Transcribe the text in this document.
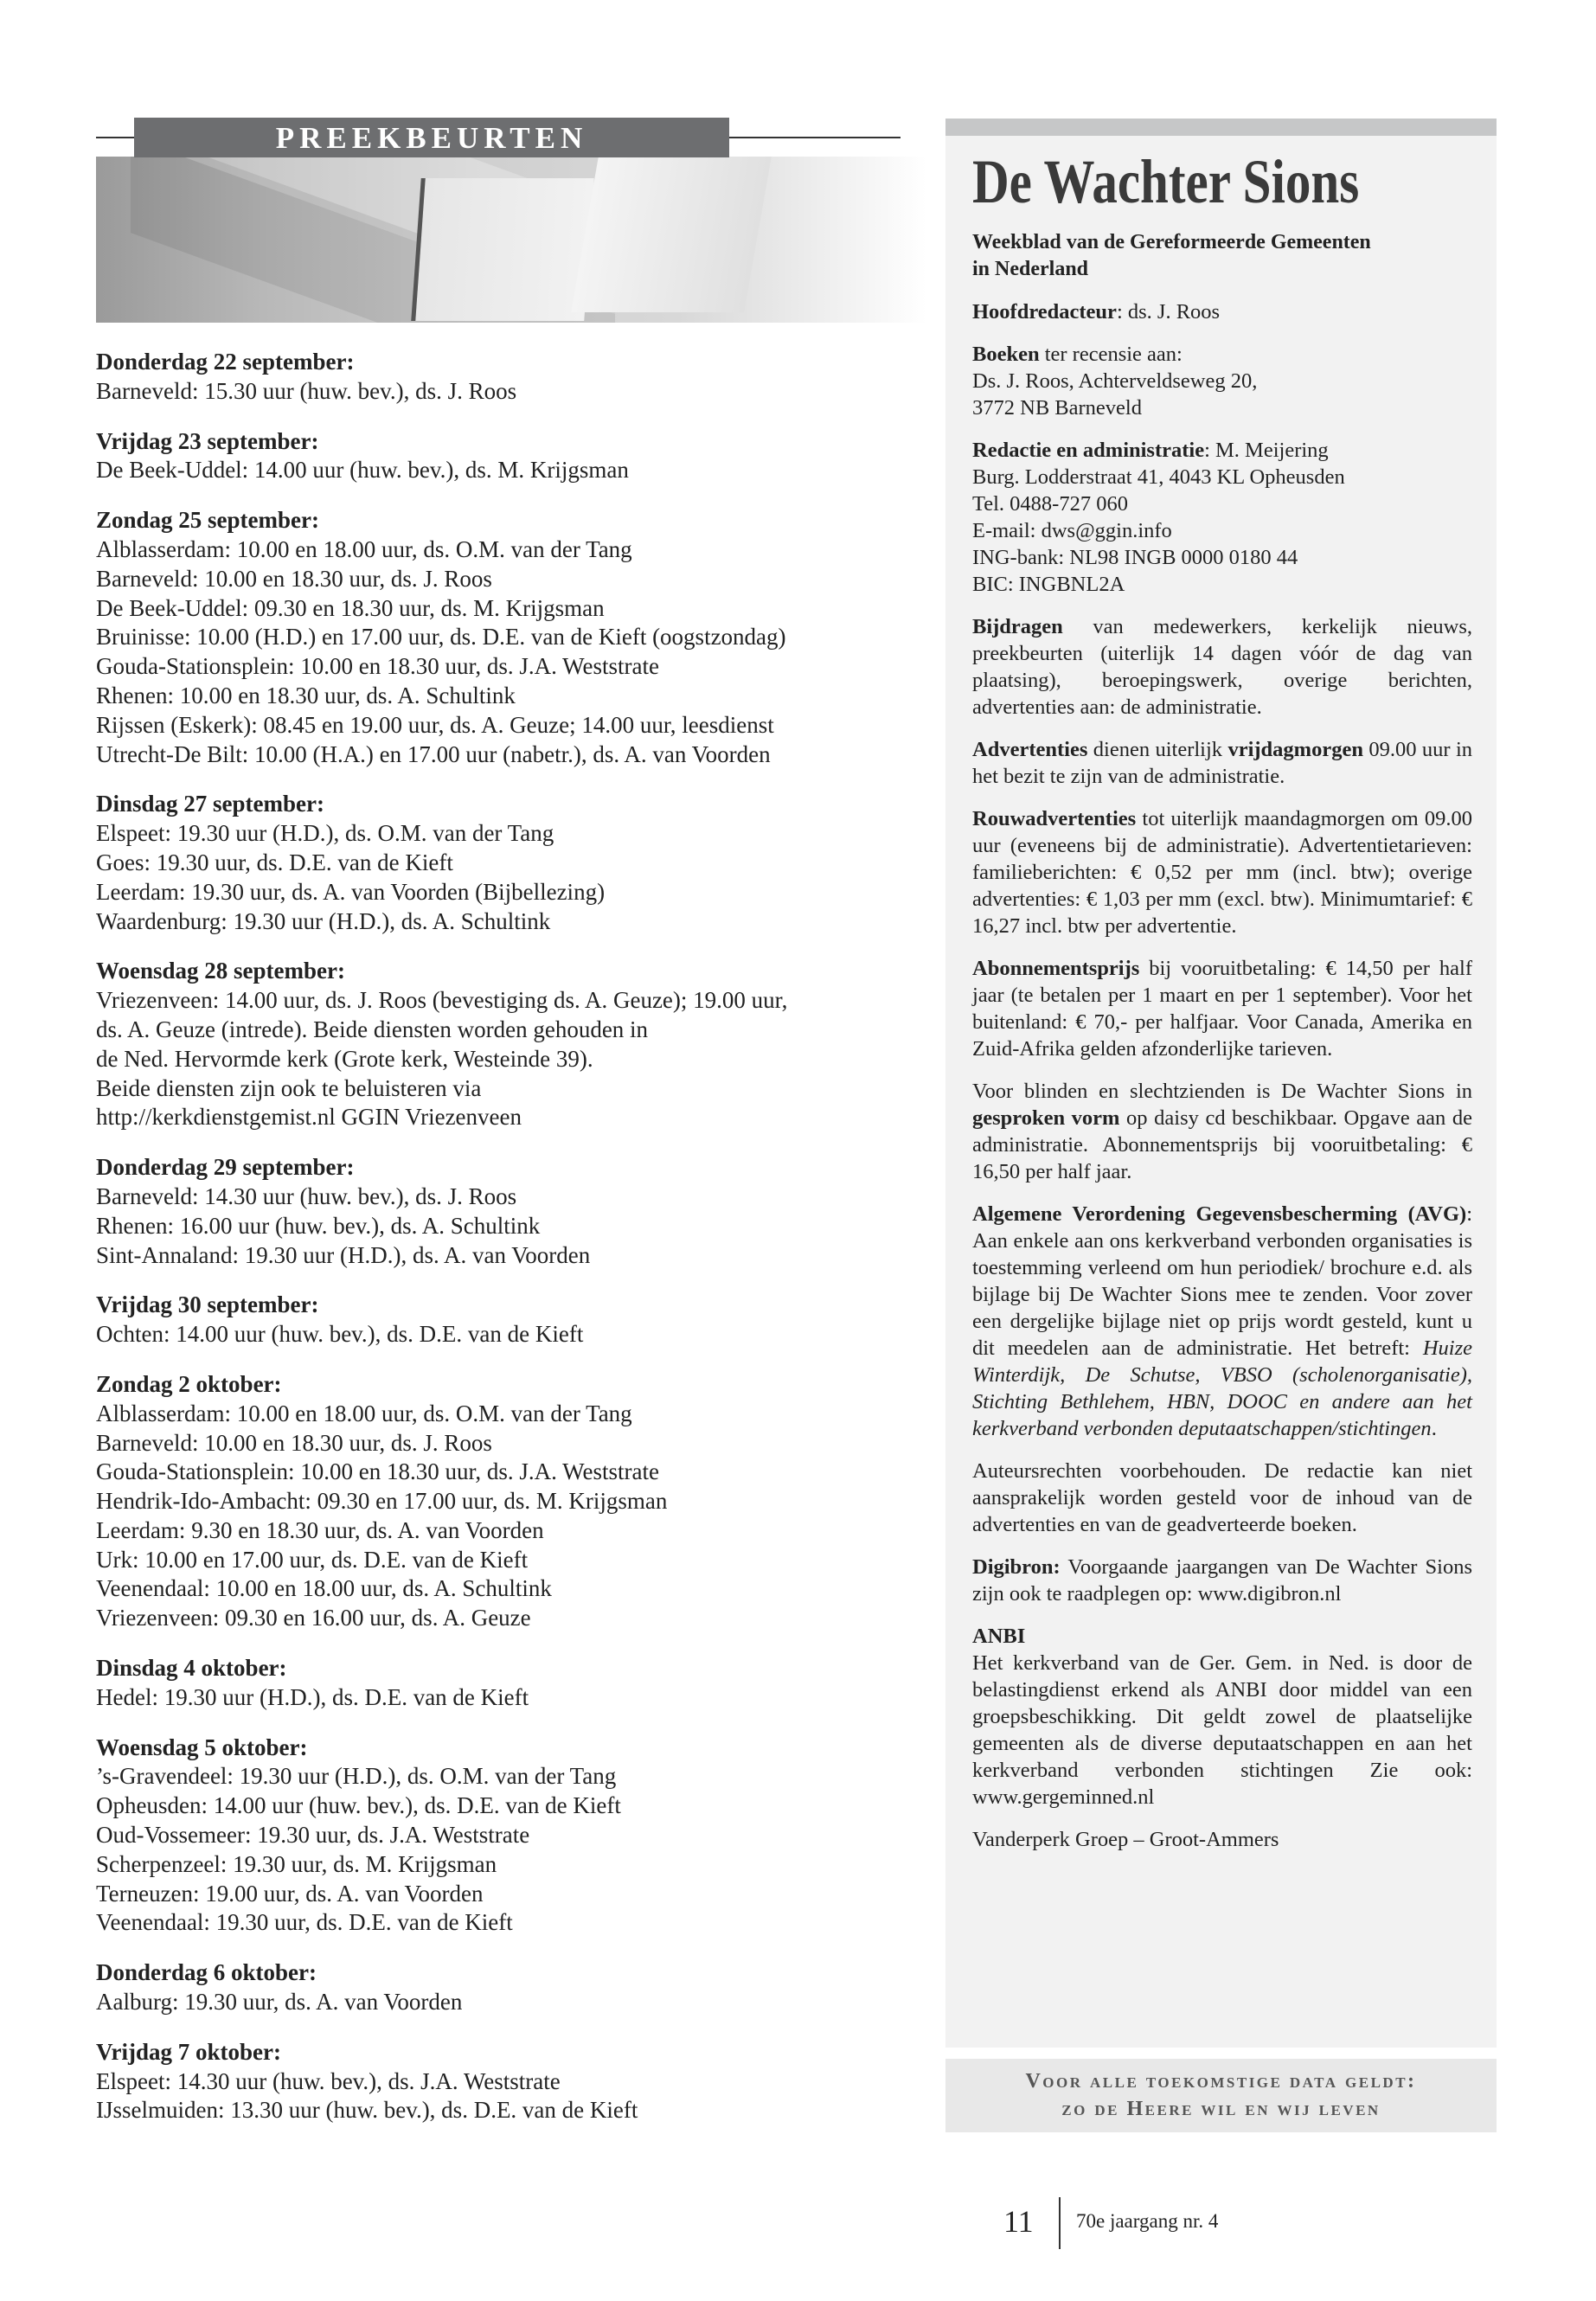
PREEKBEURTEN
Donderdag 22 september:
Barneveld: 15.30 uur (huw. bev.), ds. J. Roos
Vrijdag 23 september:
De Beek-Uddel: 14.00 uur (huw. bev.), ds. M. Krijgsman
Zondag 25 september:
Alblasserdam: 10.00 en 18.00 uur, ds. O.M. van der Tang
Barneveld: 10.00 en 18.30 uur, ds. J. Roos
De Beek-Uddel: 09.30 en 18.30 uur, ds. M. Krijgsman
Bruinisse: 10.00 (H.D.) en 17.00 uur, ds. D.E. van de Kieft (oogstzondag)
Gouda-Stationsplein: 10.00 en 18.30 uur, ds. J.A. Weststrate
Rhenen: 10.00 en 18.30 uur, ds. A. Schultink
Rijssen (Eskerk): 08.45 en 19.00 uur, ds. A. Geuze; 14.00 uur, leesdienst
Utrecht-De Bilt: 10.00 (H.A.) en 17.00 uur (nabetr.), ds. A. van Voorden
Dinsdag 27 september:
Elspeet: 19.30 uur (H.D.), ds. O.M. van der Tang
Goes: 19.30 uur, ds. D.E. van de Kieft
Leerdam: 19.30 uur, ds. A. van Voorden (Bijbellezing)
Waardenburg: 19.30 uur (H.D.), ds. A. Schultink
Woensdag 28 september:
Vriezenveen: 14.00 uur, ds. J. Roos (bevestiging ds. A. Geuze); 19.00 uur,
ds. A. Geuze (intrede). Beide diensten worden gehouden in
de Ned. Hervormde kerk (Grote kerk, Westeinde 39).
Beide diensten zijn ook te beluisteren via
http://kerkdienstgemist.nl GGIN Vriezenveen
Donderdag 29 september:
Barneveld: 14.30 uur (huw. bev.), ds. J. Roos
Rhenen: 16.00 uur (huw. bev.), ds. A. Schultink
Sint-Annaland: 19.30 uur (H.D.), ds. A. van Voorden
Vrijdag 30 september:
Ochten: 14.00 uur (huw. bev.), ds. D.E. van de Kieft
Zondag 2 oktober:
Alblasserdam: 10.00 en 18.00 uur, ds. O.M. van der Tang
Barneveld: 10.00 en 18.30 uur, ds. J. Roos
Gouda-Stationsplein: 10.00 en 18.30 uur, ds. J.A. Weststrate
Hendrik-Ido-Ambacht: 09.30 en 17.00 uur, ds. M. Krijgsman
Leerdam: 9.30 en 18.30 uur, ds. A. van Voorden
Urk: 10.00 en 17.00 uur, ds. D.E. van de Kieft
Veenendaal: 10.00 en 18.00 uur, ds. A. Schultink
Vriezenveen: 09.30 en 16.00 uur, ds. A. Geuze
Dinsdag 4 oktober:
Hedel: 19.30 uur (H.D.), ds. D.E. van de Kieft
Woensdag 5 oktober:
’s-Gravendeel: 19.30 uur (H.D.), ds. O.M. van der Tang
Opheusden: 14.00 uur (huw. bev.), ds. D.E. van de Kieft
Oud-Vossemeer: 19.30 uur, ds. J.A. Weststrate
Scherpenzeel: 19.30 uur, ds. M. Krijgsman
Terneuzen: 19.00 uur, ds. A. van Voorden
Veenendaal: 19.30 uur, ds. D.E. van de Kieft
Donderdag 6 oktober:
Aalburg: 19.30 uur, ds. A. van Voorden
Vrijdag 7 oktober:
Elspeet: 14.30 uur (huw. bev.), ds. J.A. Weststrate
IJsselmuiden: 13.30 uur (huw. bev.), ds. D.E. van de Kieft
De Wachter Sions
Weekblad van de Gereformeerde Gemeenten
in Nederland
Hoofdredacteur: ds. J. Roos
Boeken ter recensie aan:
Ds. J. Roos, Achterveldseweg 20,
3772 NB Barneveld
Redactie en administratie: M. Meijering
Burg. Lodderstraat 41, 4043 KL Opheusden
Tel. 0488-727 060
E-mail: dws@ggin.info
ING-bank: NL98 INGB 0000 0180 44
BIC: INGBNL2A
Bijdragen van medewerkers, kerkelijk nieuws, preekbeurten (uiterlijk 14 dagen vóór de dag van plaatsing), beroepingswerk, overige berichten, advertenties aan: de administratie.
Advertenties dienen uiterlijk vrijdagmorgen 09.00 uur in het bezit te zijn van de administratie.
Rouwadvertenties tot uiterlijk maandagmorgen om 09.00 uur (eveneens bij de administratie). Advertentietarieven: familieberichten: € 0,52 per mm (incl. btw); overige advertenties: € 1,03 per mm (excl. btw). Minimumtarief: € 16,27 incl. btw per advertentie.
Abonnementsprijs bij vooruitbetaling: € 14,50 per half jaar (te betalen per 1 maart en per 1 september). Voor het buitenland: € 70,- per halfjaar. Voor Canada, Amerika en Zuid-Afrika gelden afzonderlijke tarieven.
Voor blinden en slechtzienden is De Wachter Sions in gesproken vorm op daisy cd beschikbaar. Opgave aan de administratie. Abonnementsprijs bij vooruitbetaling: € 16,50 per half jaar.
Algemene Verordening Gegevensbescherming (AVG): Aan enkele aan ons kerkverband verbonden organisaties is toestemming verleend om hun periodiek/ brochure e.d. als bijlage bij De Wachter Sions mee te zenden. Voor zover een dergelijke bijlage niet op prijs wordt gesteld, kunt u dit meedelen aan de administratie. Het betreft: Huize Winterdijk, De Schutse, VBSO (scholenorganisatie), Stichting Bethlehem, HBN, DOOC en andere aan het kerkverband verbonden deputaatschappen/stichtingen.
Auteursrechten voorbehouden. De redactie kan niet aansprakelijk worden gesteld voor de inhoud van de advertenties en van de geadverteerde boeken.
Digibron: Voorgaande jaargangen van De Wachter Sions zijn ook te raadplegen op: www.digibron.nl
ANBI
Het kerkverband van de Ger. Gem. in Ned. is door de belastingdienst erkend als ANBI door middel van een groepsbeschikking. Dit geldt zowel de plaatselijke gemeenten als de diverse deputaatschappen en aan het kerkverband verbonden stichtingen Zie ook: www.gergeminned.nl
Vanderperk Groep – Groot-Ammers
Voor alle toekomstige data geldt:
zo de Heere wil en wij leven
11 70e jaargang nr. 4
